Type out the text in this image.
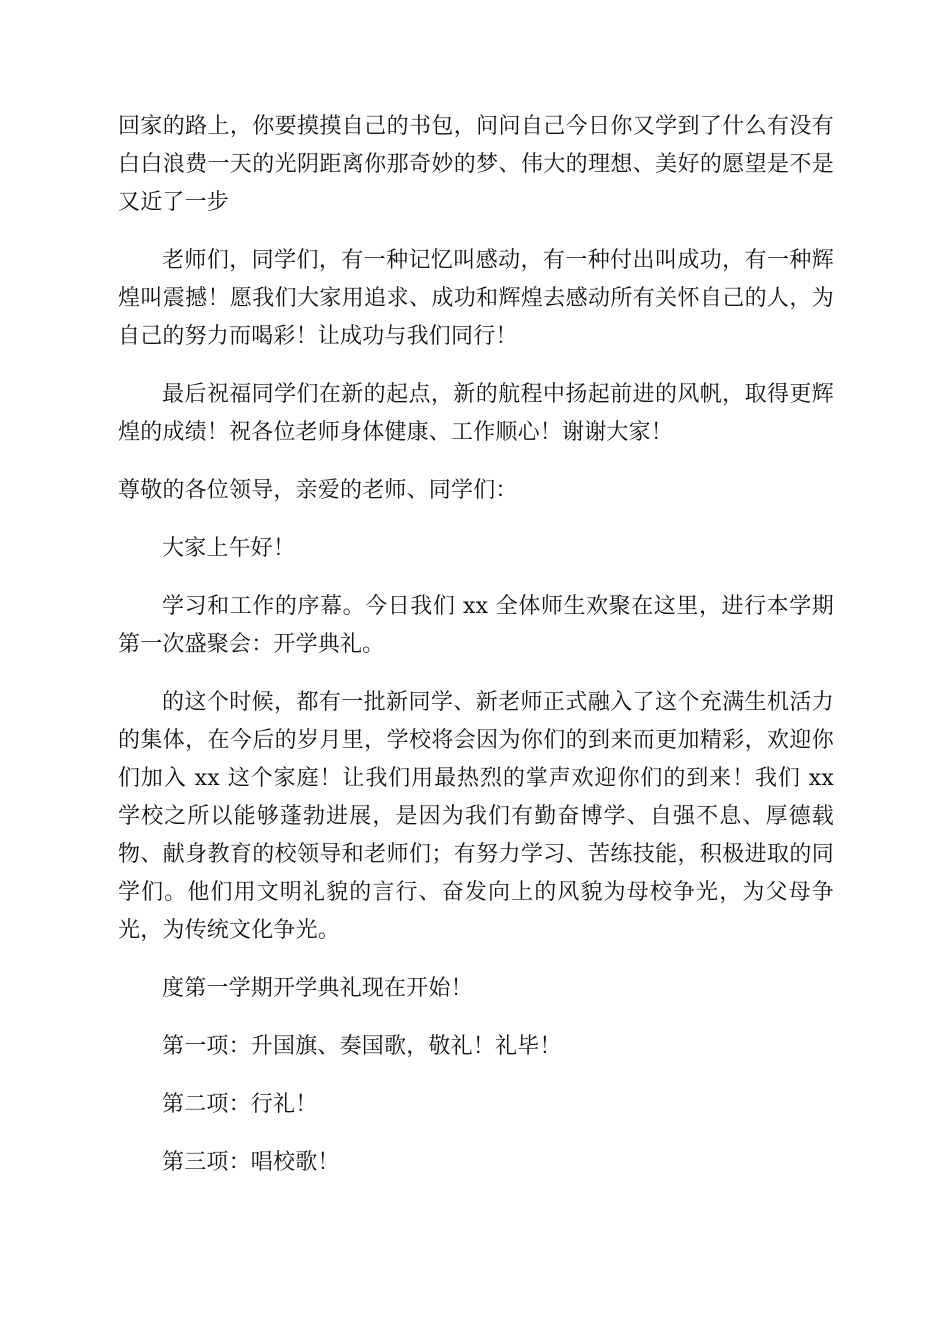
回家的路上，你要摸摸自己的书包，问问自己今日你又学到了什么有没有白白浪费一天的光阴距离你那奇妙的梦、伟大的理想、美好的愿望是不是又近了一步

老师们，同学们，有一种记忆叫感动，有一种付出叫成功，有一种辉煌叫震撼！愿我们大家用追求、成功和辉煌去感动所有关怀自己的人，为自己的努力而喝彩！让成功与我们同行！

最后祝福同学们在新的起点，新的航程中扬起前进的风帆，取得更辉煌的成绩！祝各位老师身体健康、工作顺心！谢谢大家！

尊敬的各位领导，亲爱的老师、同学们：

大家上午好！

学习和工作的序幕。今日我们 xx 全体师生欢聚在这里，进行本学期第一次盛聚会：开学典礼。

的这个时候，都有一批新同学、新老师正式融入了这个充满生机活力的集体，在今后的岁月里，学校将会因为你们的到来而更加精彩，欢迎你们加入 xx 这个家庭！让我们用最热烈的掌声欢迎你们的到来！我们 xx 学校之所以能够蓬勃进展，是因为我们有勤奋博学、自强不息、厚德载物、献身教育的校领导和老师们；有努力学习、苦练技能，积极进取的同学们。他们用文明礼貌的言行、奋发向上的风貌为母校争光，为父母争光，为传统文化争光。

度第一学期开学典礼现在开始！

第一项：升国旗、奏国歌，敬礼！礼毕！

第二项：行礼！

第三项：唱校歌！
